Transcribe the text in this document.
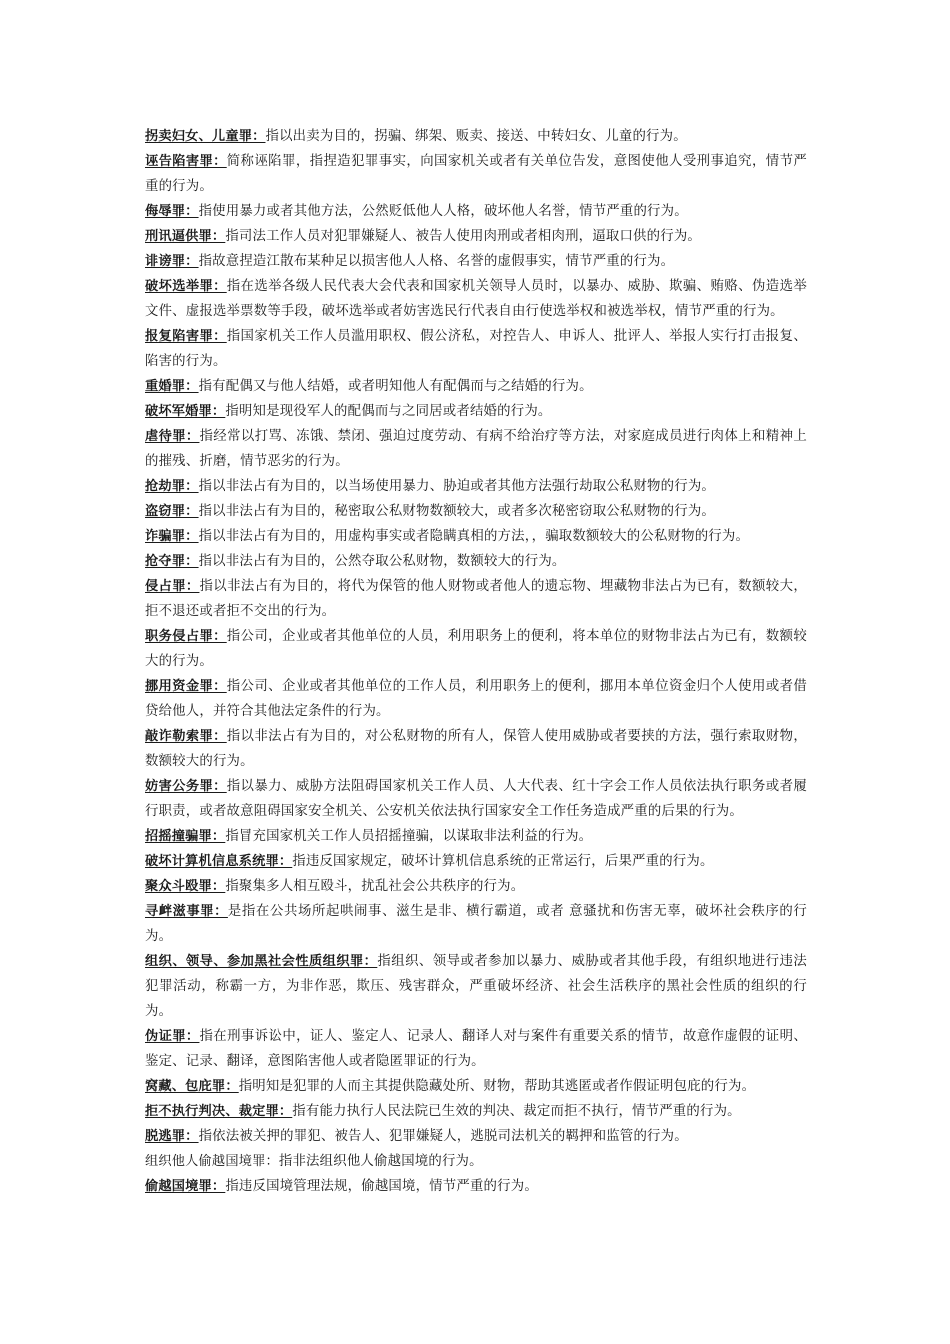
拐卖妇女、儿童罪：指以出卖为目的，拐骗、绑架、贩卖、接送、中转妇女、儿童的行为。

诬告陷害罪：简称诬陷罪，指捏造犯罪事实，向国家机关或者有关单位告发，意图使他人受刑事追究，情节严重的行为。

侮辱罪：指使用暴力或者其他方法，公然贬低他人人格，破坏他人名誉，情节严重的行为。

刑讯逼供罪：指司法工作人员对犯罪嫌疑人、被告人使用肉刑或者相肉刑，逼取口供的行为。

诽谤罪：指故意捏造江散布某种足以损害他人人格、名誉的虚假事实，情节严重的行为。

破坏选举罪：指在选举各级人民代表大会代表和国家机关领导人员时，以暴办、威胁、欺骗、贿赂、伪造选举文件、虚报选举票数等手段，破坏选举或者妨害选民行代表自由行使选举权和被选举权，情节严重的行为。

报复陷害罪：指国家机关工作人员滥用职权、假公济私，对控告人、申诉人、批评人、举报人实行打击报复、陷害的行为。

重婚罪：指有配偶又与他人结婚，或者明知他人有配偶而与之结婚的行为。

破坏军婚罪：指明知是现役军人的配偶而与之同居或者结婚的行为。

虐待罪：指经常以打骂、冻饿、禁闭、强迫过度劳动、有病不给治疗等方法，对家庭成员进行肉体上和精神上的摧残、折磨，情节恶劣的行为。

抢劫罪：指以非法占有为目的，以当场使用暴力、胁迫或者其他方法强行劫取公私财物的行为。

盗窃罪：指以非法占有为目的，秘密取公私财物数额较大，或者多次秘密窃取公私财物的行为。

诈骗罪：指以非法占有为目的，用虚构事实或者隐瞒真相的方法，，骗取数额较大的公私财物的行为。

抢夺罪：指以非法占有为目的，公然夺取公私财物，数额较大的行为。

侵占罪：指以非法占有为目的，将代为保管的他人财物或者他人的遗忘物、埋藏物非法占为已有，数额较大，拒不退还或者拒不交出的行为。

职务侵占罪：指公司，企业或者其他单位的人员，利用职务上的便利，将本单位的财物非法占为已有，数额较大的行为。

挪用资金罪：指公司、企业或者其他单位的工作人员，利用职务上的便利，挪用本单位资金归个人使用或者借贷给他人，并符合其他法定条件的行为。

敲诈勒索罪：指以非法占有为目的，对公私财物的所有人，保管人使用威胁或者要挟的方法，强行索取财物，数额较大的行为。

妨害公务罪：指以暴力、威胁方法阻碍国家机关工作人员、人大代表、红十字会工作人员依法执行职务或者履行职责，或者故意阻碍国家安全机关、公安机关依法执行国家安全工作任务造成严重的后果的行为。

招摇撞骗罪：指冒充国家机关工作人员招摇撞骗，以谋取非法利益的行为。

破坏计算机信息系统罪：指违反国家规定，破坏计算机信息系统的正常运行，后果严重的行为。

聚众斗殴罪：指聚集多人相互殴斗，扰乱社会公共秩序的行为。

寻衅滋事罪：是指在公共场所起哄闹事、滋生是非、横行霸道，或者 意骚扰和伤害无辜，破坏社会秩序的行为。

组织、领导、参加黑社会性质组织罪：指组织、领导或者参加以暴力、威胁或者其他手段，有组织地进行违法犯罪活动，称霸一方，为非作恶，欺压、残害群众，严重破坏经济、社会生活秩序的黑社会性质的组织的行为。

伪证罪：指在刑事诉讼中，证人、鉴定人、记录人、翻译人对与案件有重要关系的情节，故意作虚假的证明、鉴定、记录、翻译，意图陷害他人或者隐匿罪证的行为。

窝藏、包庇罪：指明知是犯罪的人而主其提供隐藏处所、财物，帮助其逃匿或者作假证明包庇的行为。

拒不执行判决、裁定罪：指有能力执行人民法院已生效的判决、裁定而拒不执行，情节严重的行为。

脱逃罪：指依法被关押的罪犯、被告人、犯罪嫌疑人，逃脱司法机关的羁押和监管的行为。

组织他人偷越国境罪：指非法组织他人偷越国境的行为。

偷越国境罪：指违反国境管理法规，偷越国境，情节严重的行为。
